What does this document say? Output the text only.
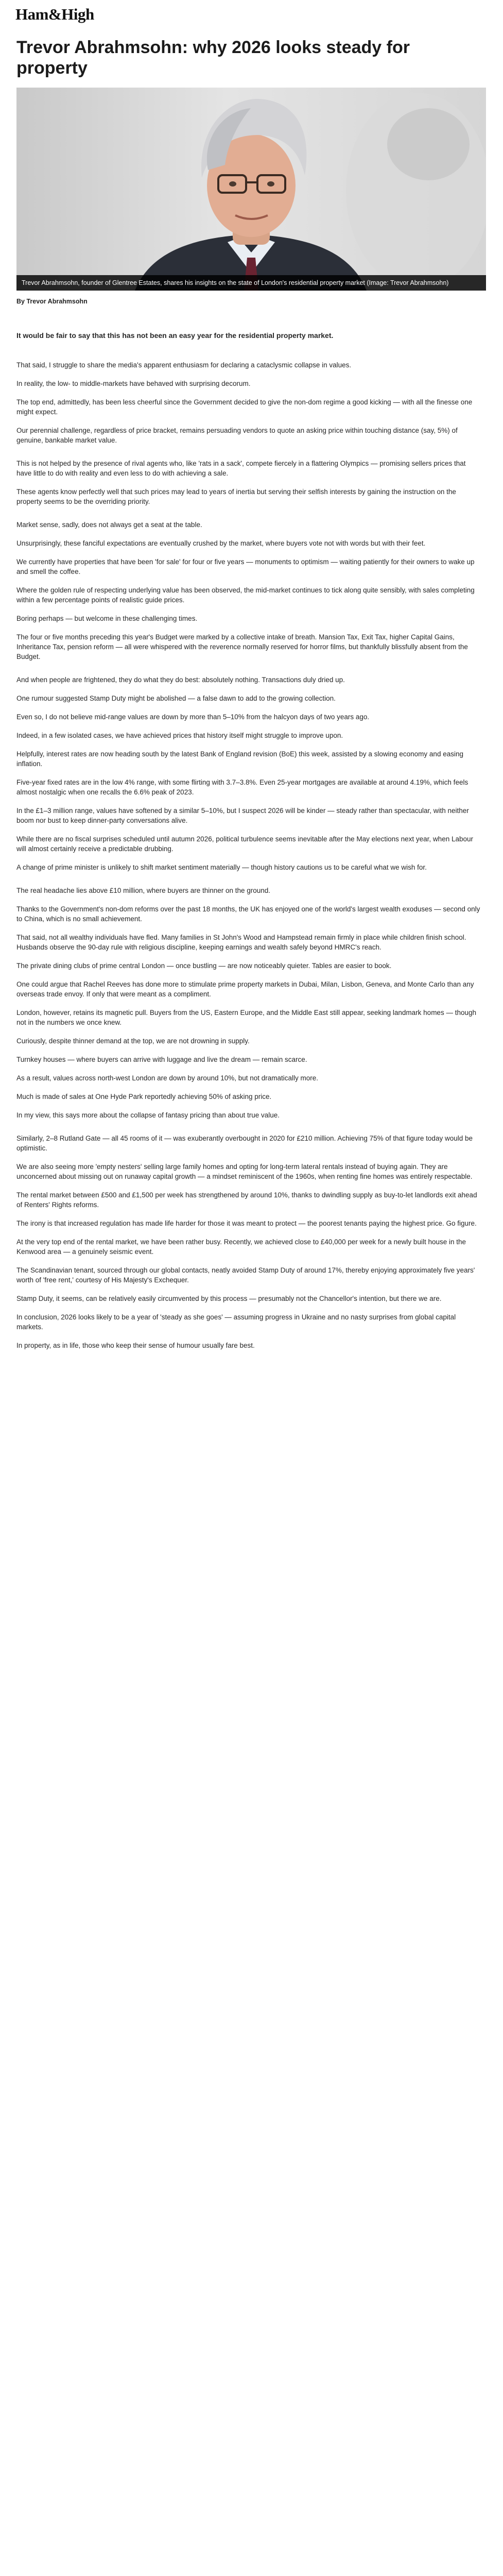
Ham&High
Trevor Abrahmsohn: why 2026 looks steady for property
Trevor Abrahmsohn, founder of Glentree Estates, shares his insights on the state of London's residential property market (Image: Trevor Abrahmsohn)
By Trevor Abrahmsohn

It would be fair to say that this has not been an easy year for the residential property market.

That said, I struggle to share the media's apparent enthusiasm for declaring a cataclysmic collapse in values.

In reality, the low- to middle-markets have behaved with surprising decorum.

The top end, admittedly, has been less cheerful since the Government decided to give the non-dom regime a good kicking — with all the finesse one might expect.

Our perennial challenge, regardless of price bracket, remains persuading vendors to quote an asking price within touching distance (say, 5%) of genuine, bankable market value.

This is not helped by the presence of rival agents who, like 'rats in a sack', compete fiercely in a flattering Olympics — promising sellers prices that have little to do with reality and even less to do with achieving a sale.

These agents know perfectly well that such prices may lead to years of inertia but serving their selfish interests by gaining the instruction on the property seems to be the overriding priority.

Market sense, sadly, does not always get a seat at the table.

Unsurprisingly, these fanciful expectations are eventually crushed by the market, where buyers vote not with words but with their feet.

We currently have properties that have been 'for sale' for four or five years — monuments to optimism — waiting patiently for their owners to wake up and smell the coffee.

Where the golden rule of respecting underlying value has been observed, the mid-market continues to tick along quite sensibly, with sales completing within a few percentage points of realistic guide prices.

Boring perhaps — but welcome in these challenging times.

The four or five months preceding this year's Budget were marked by a collective intake of breath. Mansion Tax, Exit Tax, higher Capital Gains, Inheritance Tax, pension reform — all were whispered with the reverence normally reserved for horror films, but thankfully blissfully absent from the Budget.

And when people are frightened, they do what they do best: absolutely nothing. Transactions duly dried up.

One rumour suggested Stamp Duty might be abolished — a false dawn to add to the growing collection.

Even so, I do not believe mid-range values are down by more than 5–10% from the halcyon days of two years ago.

Indeed, in a few isolated cases, we have achieved prices that history itself might struggle to improve upon.

Helpfully, interest rates are now heading south by the latest Bank of England revision (BoE) this week, assisted by a slowing economy and easing inflation.

Five-year fixed rates are in the low 4% range, with some flirting with 3.7–3.8%. Even 25-year mortgages are available at around 4.19%, which feels almost nostalgic when one recalls the 6.6% peak of 2023.

In the £1–3 million range, values have softened by a similar 5–10%, but I suspect 2026 will be kinder — steady rather than spectacular, with neither boom nor bust to keep dinner-party conversations alive.

While there are no fiscal surprises scheduled until autumn 2026, political turbulence seems inevitable after the May elections next year, when Labour will almost certainly receive a predictable drubbing.

A change of prime minister is unlikely to shift market sentiment materially — though history cautions us to be careful what we wish for.

The real headache lies above £10 million, where buyers are thinner on the ground.

Thanks to the Government's non-dom reforms over the past 18 months, the UK has enjoyed one of the world's largest wealth exoduses — second only to China, which is no small achievement.

That said, not all wealthy individuals have fled. Many families in St John's Wood and Hampstead remain firmly in place while children finish school. Husbands observe the 90-day rule with religious discipline, keeping earnings and wealth safely beyond HMRC's reach.

The private dining clubs of prime central London — once bustling — are now noticeably quieter. Tables are easier to book.

One could argue that Rachel Reeves has done more to stimulate prime property markets in Dubai, Milan, Lisbon, Geneva, and Monte Carlo than any overseas trade envoy. If only that were meant as a compliment.

London, however, retains its magnetic pull. Buyers from the US, Eastern Europe, and the Middle East still appear, seeking landmark homes — though not in the numbers we once knew.

Curiously, despite thinner demand at the top, we are not drowning in supply.

Turnkey houses — where buyers can arrive with luggage and live the dream — remain scarce.

As a result, values across north-west London are down by around 10%, but not dramatically more.

Much is made of sales at One Hyde Park reportedly achieving 50% of asking price.

In my view, this says more about the collapse of fantasy pricing than about true value.

Similarly, 2–8 Rutland Gate — all 45 rooms of it — was exuberantly overbought in 2020 for £210 million. Achieving 75% of that figure today would be optimistic.

We are also seeing more 'empty nesters' selling large family homes and opting for long-term lateral rentals instead of buying again. They are unconcerned about missing out on runaway capital growth — a mindset reminiscent of the 1960s, when renting fine homes was entirely respectable.

The rental market between £500 and £1,500 per week has strengthened by around 10%, thanks to dwindling supply as buy-to-let landlords exit ahead of Renters' Rights reforms.

The irony is that increased regulation has made life harder for those it was meant to protect — the poorest tenants paying the highest price. Go figure.

At the very top end of the rental market, we have been rather busy. Recently, we achieved close to £40,000 per week for a newly built house in the Kenwood area — a genuinely seismic event.

The Scandinavian tenant, sourced through our global contacts, neatly avoided Stamp Duty of around 17%, thereby enjoying approximately five years' worth of 'free rent,' courtesy of His Majesty's Exchequer.

Stamp Duty, it seems, can be relatively easily circumvented by this process — presumably not the Chancellor's intention, but there we are.

In conclusion, 2026 looks likely to be a year of 'steady as she goes' — assuming progress in Ukraine and no nasty surprises from global capital markets.

In property, as in life, those who keep their sense of humour usually fare best.
